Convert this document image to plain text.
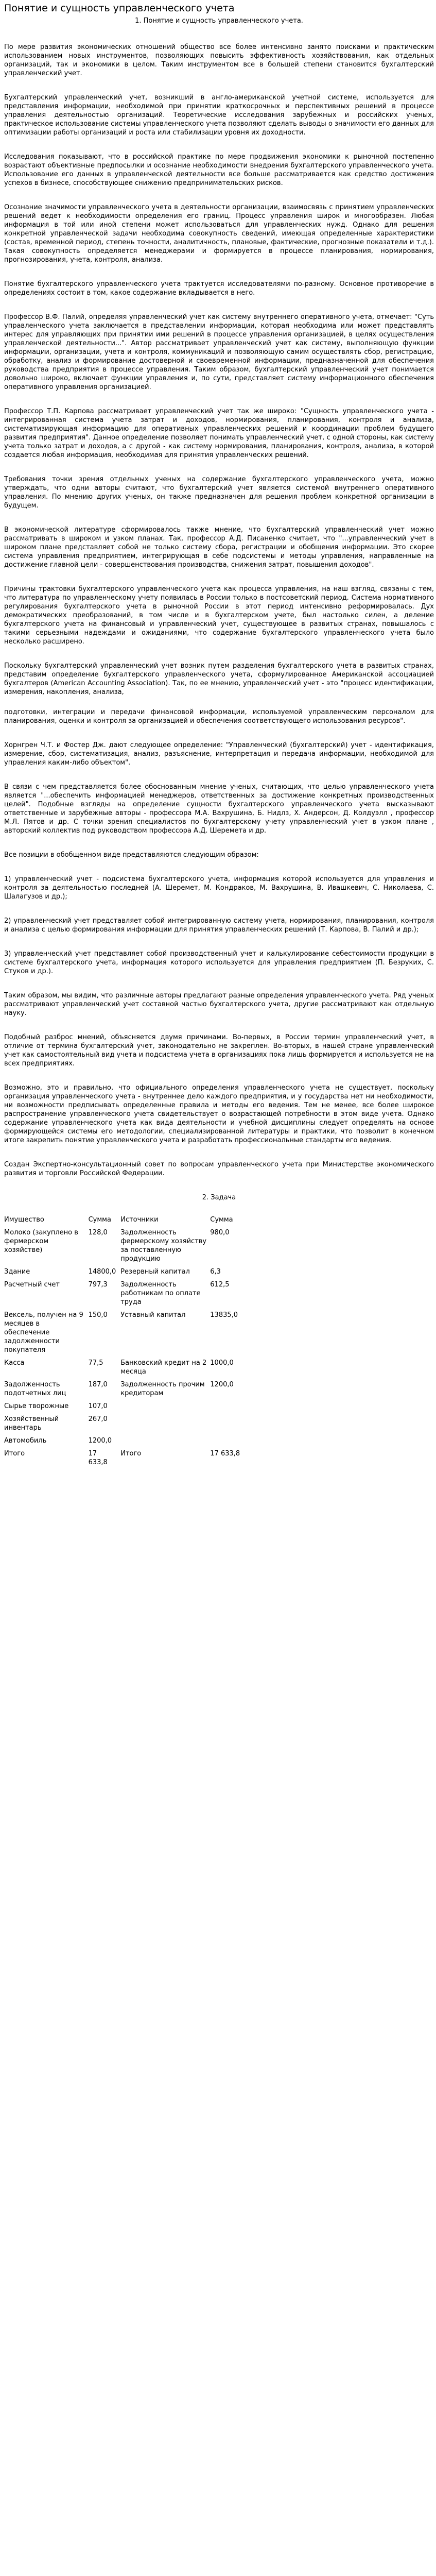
Понятие и сущность управленческого учета
1. Понятие и сущность управленческого учета.
По мере развития экономических отношений общество все более интенсивно занято поисками и практическим использованием новых инструментов, позволяющих повысить эффективность хозяйствования, как отдельных организаций, так и экономики в целом. Таким инструментом все в большей степени становится бухгалтерский управленческий учет.
Бухгалтерский управленческий учет, возникший в англо-американской учетной системе, используется для представления информации, необходимой при принятии краткосрочных и перспективных решений в процессе управления деятельностью организаций. Теоретические исследования зарубежных и российских ученых, практическое использование системы управленческого учета позволяют сделать выводы о значимости его данных для оптимизации работы организаций и роста или стабилизации уровня их доходности.
Исследования показывают, что в российской практике по мере продвижения экономики к рыночной постепенно возрастают объективные предпосылки и осознание необходимости внедрения бухгалтерского управленческого учета. Использование его данных в управленческой деятельности все больше рассматривается как средство достижения успехов в бизнесе, способствующее снижению предпринимательских рисков.
Осознание значимости управленческого учета в деятельности организации, взаимосвязь с принятием управленческих решений ведет к необходимости определения его границ. Процесс управления широк и многообразен. Любая информация в той или иной степени может использоваться для управленческих нужд. Однако для решения конкретной управленческой задачи необходима совокупность сведений, имеющая определенные характеристики (состав, временной период, степень точности, аналитичность, плановые, фактические, прогнозные показатели и т.д.). Такая совокупность определяется менеджерами и формируется в процессе планирования, нормирования, прогнозирования, учета, контроля, анализа.
Понятие бухгалтерского управленческого учета трактуется исследователями по-разному. Основное противоречие в определениях состоит в том, какое содержание вкладывается в него.
Профессор В.Ф. Палий, определяя управленческий учет как систему внутреннего оперативного учета, отмечает: "Суть управленческого учета заключается в представлении информации, которая необходима или может представлять интерес для управляющих при принятии ими решений в процессе управления организацией, в целях осуществления управленческой деятельности...". Автор рассматривает управленческий учет как систему, выполняющую функции информации, организации, учета и контроля, коммуникаций и позволяющую самим осуществлять сбор, регистрацию, обработку, анализ и формирование достоверной и своевременной информации, предназначенной для обеспечения руководства предприятия в процессе управления. Таким образом, бухгалтерский управленческий учет понимается довольно широко, включает функции управления и, по сути, представляет систему информационного обеспечения оперативного управления организацией.
Профессор Т.П. Карпова рассматривает управленческий учет так же широко: "Сущность управленческого учета - интегрированная система учета затрат и доходов, нормирования, планирования, контроля и анализа, систематизирующая информацию для оперативных управленческих решений и координации проблем будущего развития предприятия". Данное определение позволяет понимать управленческий учет, с одной стороны, как систему учета только затрат и доходов, а с другой - как систему нормирования, планирования, контроля, анализа, в которой создается любая информация, необходимая для принятия управленческих решений.
Требования точки зрения отдельных ученых на содержание бухгалтерского управленческого учета, можно утверждать, что одни авторы считают, что бухгалтерский учет является системой внутреннего оперативного управления. По мнению других ученых, он также предназначен для решения проблем конкретной организации в будущем.
В экономической литературе сформировалось также мнение, что бухгалтерский управленческий учет можно рассматривать в широком и узком планах. Так, профессор А.Д. Писаненко считает, что "...управленческий учет в широком плане представляет собой не только систему сбора, регистрации и обобщения информации. Это скорее система управления предприятием, интегрирующая в себе подсистемы и методы управления, направленные на достижение главной цели - совершенствования производства, снижения затрат, повышения доходов".
Причины трактовки бухгалтерского управленческого учета как процесса управления, на наш взгляд, связаны с тем, что литература по управленческому учету появилась в России только в постсоветский период. Система нормативного регулирования бухгалтерского учета в рыночной России в этот период интенсивно реформировалась. Дух демократических преобразований, в том числе и в бухгалтерском учете, был настолько силен, а деление бухгалтерского учета на финансовый и управленческий учет, существующее в развитых странах, повышалось с такими серьезными надеждами и ожиданиями, что содержание бухгалтерского управленческого учета было несколько расширено.
Поскольку бухгалтерский управленческий учет возник путем разделения бухгалтерского учета в развитых странах, представим определение бухгалтерского управленческого учета, сформулированное Американской ассоциацией бухгалтеров (American Accounting Association). Так, по ее мнению, управленческий учет - это "процесс идентификации, измерения, накопления, анализа,
подготовки, интеграции и передачи финансовой информации, используемой управленческим персоналом для планирования, оценки и контроля за организацией и обеспечения соответствующего использования ресурсов".
Хорнгрен Ч.Т. и Фостер Дж. дают следующее определение: "Управленческий (бухгалтерский) учет - идентификация, измерение, сбор, систематизация, анализ, разъяснение, интерпретация и передача информации, необходимой для управления каким-либо объектом".
В связи с чем представляется более обоснованным мнение ученых, считающих, что целью управленческого учета является "...обеспечить информацией менеджеров, ответственных за достижение конкретных производственных целей". Подобные взгляды на определение сущности бухгалтерского управленческого учета высказывают ответственные и зарубежные авторы - профессора М.А. Вахрушина, Б. Нидлз, Х. Андерсон, Д. Колдуэлл , профессор М.Л. Пятов и др. С точки зрения специалистов по бухгалтерскому учету управленческий учет в узком плане , авторский коллектив под руководством профессора А.Д. Шеремета и др.
Все позиции в обобщенном виде представляются следующим образом:
1) управленческий учет - подсистема бухгалтерского учета, информация которой используется для управления и контроля за деятельностью последней (А. Шеремет, М. Кондраков, М. Вахрушина, В. Ивашкевич, С. Николаева, С. Шалагузов и др.);
2) управленческий учет представляет собой интегрированную систему учета, нормирования, планирования, контроля и анализа с целью формирования информации для принятия управленческих решений (Т. Карпова, В. Палий и др.);
3) управленческий учет представляет собой производственный учет и калькулирование себестоимости продукции в системе бухгалтерского учета, информация которого используется для управления предприятием (П. Безруких, С. Стуков и др.).
Таким образом, мы видим, что различные авторы предлагают разные определения управленческого учета. Ряд ученых рассматривают управленческий учет составной частью бухгалтерского учета, другие рассматривают как отдельную науку.
Подобный разброс мнений, объясняется двумя причинами. Во-первых, в России термин управленческий учет, в отличие от термина бухгалтерский учет, законодательно не закреплен. Во-вторых, в нашей стране управленческий учет как самостоятельный вид учета и подсистема учета в организациях пока лишь формируется и используется не на всех предприятиях.
Возможно, это и правильно, что официального определения управленческого учета не существует, поскольку организация управленческого учета - внутреннее дело каждого предприятия, и у государства нет ни необходимости, ни возможности предписывать определенные правила и методы его ведения. Тем не менее, все более широкое распространение управленческого учета свидетельствует о возрастающей потребности в этом виде учета. Однако содержание управленческого учета как вида деятельности и учебной дисциплины следует определять на основе формирующейся системы его методологии, специализированной литературы и практики, что позволит в конечном итоге закрепить понятие управленческого учета и разработать профессиональные стандарты его ведения.
Создан Экспертно-консультационный совет по вопросам управленческого учета при Министерстве экономического развития и торговли Российской Федерации.
2. Задача
Имущество	Сумма	Источники	Сумма
Молоко (закуплено в фермерском хозяйстве)	128,0	Задолженность фермерскому хозяйству за поставленную продукцию	980,0
Здание	14800,0	Резервный капитал	6,3
Расчетный счет	797,3	Задолженность работникам по оплате труда	612,5
Вексель, получен на 9 месяцев в обеспечение задолженности покупателя	150,0	Уставный капитал	13835,0
Касса	77,5	Банковский кредит на 2 месяца	1000,0
Задолженность подотчетных лиц	187,0	Задолженность прочим кредиторам	1200,0
Сырье творожные	107,0		
Хозяйственный инвентарь	267,0		
Автомобиль	1200,0		
Итого	17 633,8	Итого	17 633,8
